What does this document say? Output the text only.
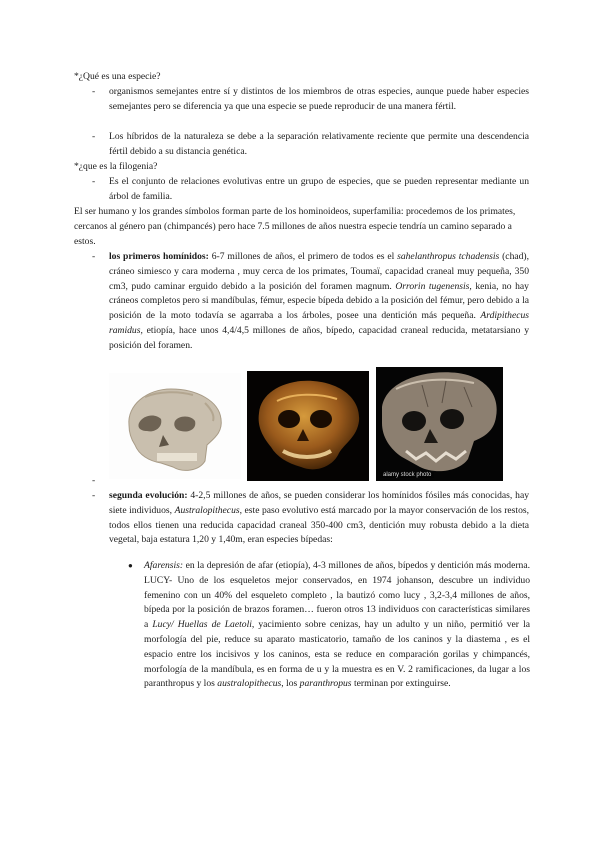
*¿Qué es una especie?
- organismos semejantes entre sí y distintos de los miembros de otras especies, aunque puede haber especies semejantes pero se diferencia ya que una especie se puede reproducir de una manera fértil.
- Los híbridos de la naturaleza se debe a la separación relativamente reciente que permite una descendencia fértil debido a su distancia genética.
*¿que es la filogenia?
- Es el conjunto de relaciones evolutivas entre un grupo de especies, que se pueden representar mediante un árbol de familia.
El ser humano y los grandes símbolos forman parte de los hominoideos, superfamilia: procedemos de los primates, cercanos al género pan (chimpancés) pero hace 7.5 millones de años nuestra especie tendría un camino separado a estos.
- los primeros homínidos: 6-7 millones de años, el primero de todos es el sahelanthropus tchadensis (chad), cráneo simiesco y cara moderna , muy cerca de los primates, Toumaï, capacidad craneal muy pequeña, 350 cm3, pudo caminar erguido debido a la posición del foramen magnum. Orrorin tugenensis, kenia, no hay cráneos completos pero si mandíbulas, fémur, especie bípeda debido a la posición del fémur, pero debido a la posición de la moto todavía se agarraba a los árboles, posee una dentición más pequeña. Ardipithecus ramidus, etiopía, hace unos 4,4/4,5 millones de años, bípedo, capacidad craneal reducida, metatarsiano y posición del foramen.
alamy stock photo
-
- segunda evolución: 4-2,5 millones de años, se pueden considerar los homínidos fósiles más conocidas, hay siete individuos, Australopithecus, este paso evolutivo está marcado por la mayor conservación de los restos, todos ellos tienen una reducida capacidad craneal 350-400 cm3, dentición muy robusta debido a la dieta vegetal, baja estatura 1,20 y 1,40m, eran especies bípedas:
● Afarensis: en la depresión de afar (etiopía), 4-3 millones de años, bípedos y dentición más moderna. LUCY- Uno de los esqueletos mejor conservados, en 1974 johanson, descubre un individuo femenino con un 40% del esqueleto completo , la bautizó como lucy , 3,2-3,4 millones de años, bípeda por la posición de brazos foramen… fueron otros 13 individuos con características similares a Lucy/ Huellas de Laetoli, yacimiento sobre cenizas, hay un adulto y un niño, permitió ver la morfología del pie, reduce su aparato masticatorio, tamaño de los caninos y la diastema , es el espacio entre los incisivos y los caninos, esta se reduce en comparación gorilas y chimpancés, morfología de la mandíbula, es en forma de u y la muestra es en V. 2 ramificaciones, da lugar a los paranthropus y los australopithecus, los paranthropus terminan por extinguirse.
